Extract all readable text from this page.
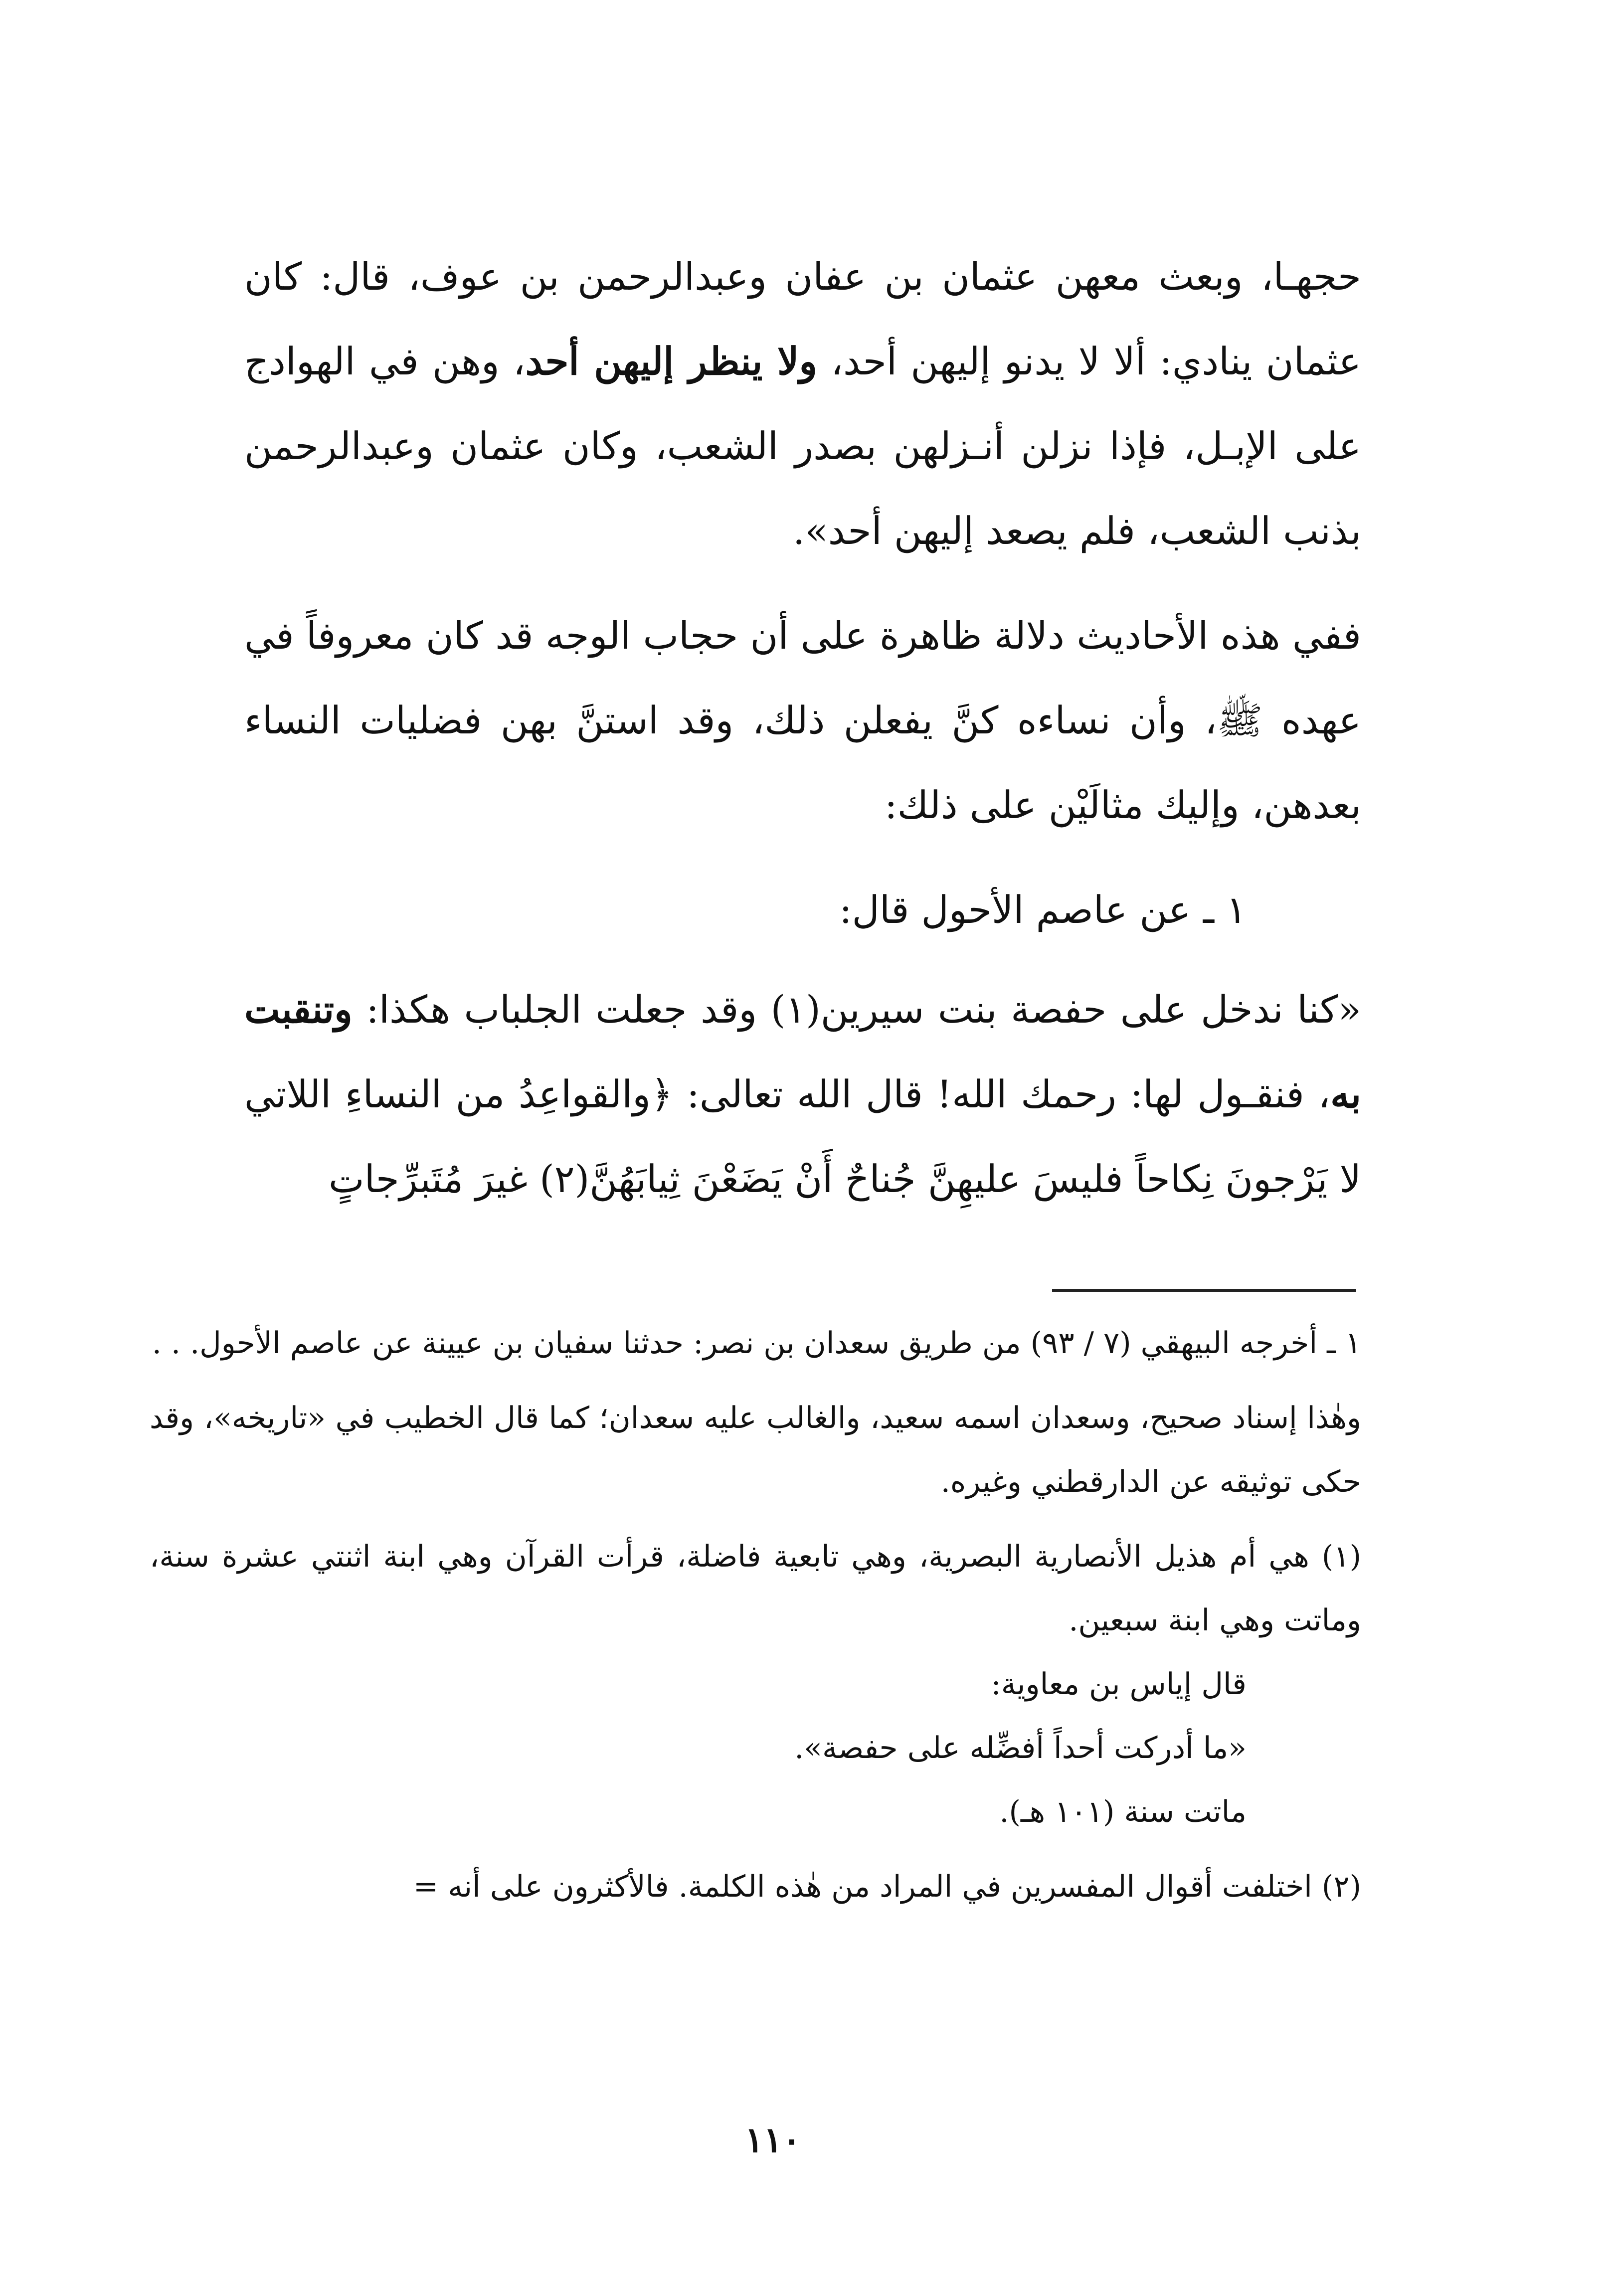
حجهـا، وبعث معهن عثمان بن عفان وعبدالرحمن بن عوف، قال: كان عثمان ينادي: ألا لا يدنو إليهن أحد، ولا ينظر إليهن أحد، وهن في الهوادج على الإبـل، فإذا نزلن أنـزلهن بصدر الشعب، وكان عثمان وعبدالرحمن بذنب الشعب، فلم يصعد إليهن أحد».

ففي هذه الأحاديث دلالة ظاهرة على أن حجاب الوجه قد كان معروفاً في عهده ﷺ، وأن نساءه كنَّ يفعلن ذلك، وقد استنَّ بهن فضليات النساء بعدهن، وإليك مثالَيْن على ذلك:

١ ـ عن عاصم الأحول قال:

«كنا ندخل على حفصة بنت سيرين(١) وقد جعلت الجلباب هكذا: وتنقبت به، فنقـول لها: رحمك الله! قال الله تعالى: ﴿والقواعِدُ من النساءِ اللاتي لا يَرْجونَ نِكاحاً فليسَ عليهِنَّ جُناحٌ أَنْ يَضَعْنَ ثِيابَهُنَّ(٢) غيرَ مُتَبرِّجاتٍ

١ ـ أخرجه البيهقي (٧ / ٩٣) من طريق سعدان بن نصر: حدثنا سفيان بن عيينة عن عاصم الأحول. . .

وهٰذا إسناد صحيح، وسعدان اسمه سعيد، والغالب عليه سعدان؛ كما قال الخطيب في «تاريخه»، وقد حكى توثيقه عن الدارقطني وغيره.

(١) هي أم هذيل الأنصارية البصرية، وهي تابعية فاضلة، قرأت القرآن وهي ابنة اثنتي عشرة سنة، وماتت وهي ابنة سبعين.

قال إياس بن معاوية:

«ما أدركت أحداً أفضِّله على حفصة».

ماتت سنة (١٠١ هـ).

(٢) اختلفت أقوال المفسرين في المراد من هٰذه الكلمة. فالأكثرون على أنه =

١١٠
